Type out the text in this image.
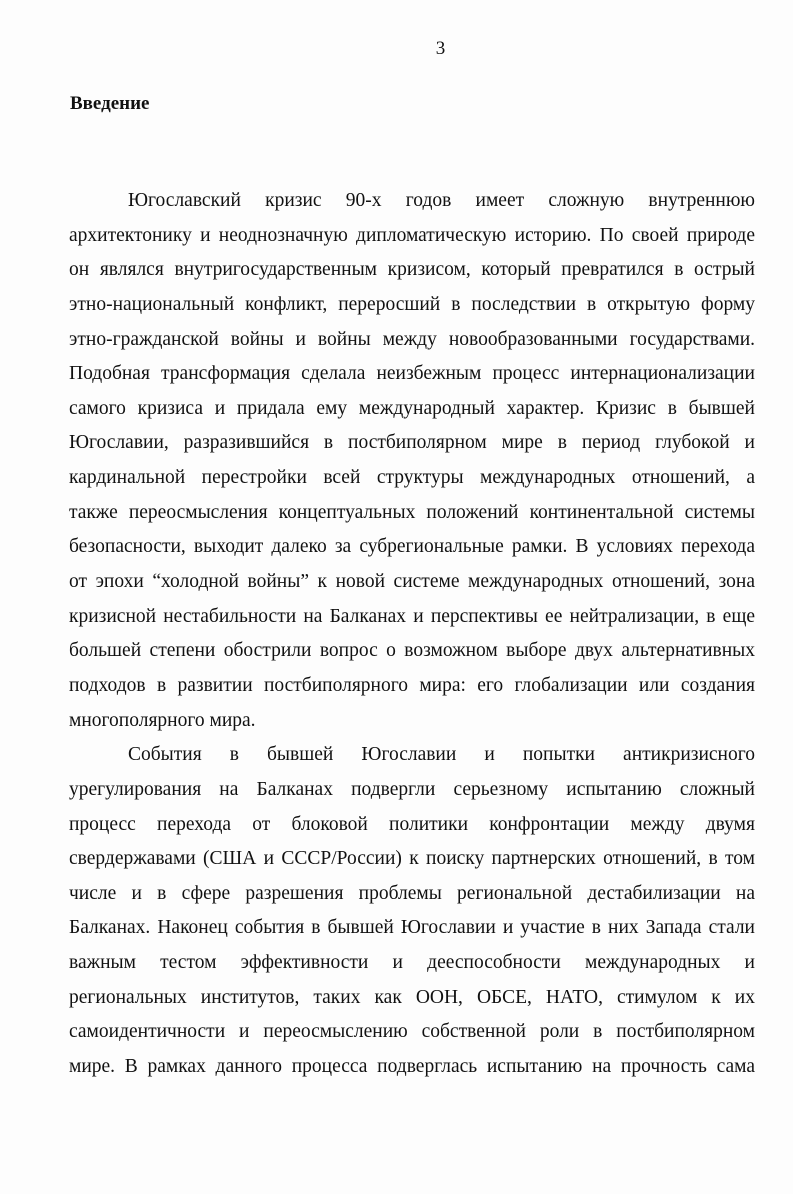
3
Введение
Югославский кризис 90-х годов имеет сложную внутреннюю
архитектонику и неоднозначную дипломатическую историю. По своей природе
он являлся внутригосударственным кризисом, который превратился в острый
этно-национальный конфликт, переросший в последствии в открытую форму
этно-гражданской войны и войны между новообразованными государствами.
Подобная трансформация сделала неизбежным процесс интернационализации
самого кризиса и придала ему международный характер. Кризис в бывшей
Югославии, разразившийся в постбиполярном мире в период глубокой и
кардинальной перестройки всей структуры международных отношений, а
также переосмысления концептуальных положений континентальной системы
безопасности, выходит далеко за субрегиональные рамки. В условиях перехода
от эпохи “холодной войны” к новой системе международных отношений, зона
кризисной нестабильности на Балканах и перспективы ее нейтрализации, в еще
большей степени обострили вопрос о возможном выборе двух альтернативных
подходов в развитии постбиполярного мира: его глобализации или создания
многополярного мира.
События в бывшей Югославии и попытки антикризисного
урегулирования на Балканах подвергли серьезному испытанию сложный
процесс перехода от блоковой политики конфронтации между двумя
свердержавами (США и СССР/России) к поиску партнерских отношений, в том
числе и в сфере разрешения проблемы региональной дестабилизации на
Балканах. Наконец события в бывшей Югославии и участие в них Запада стали
важным тестом эффективности и дееспособности международных и
региональных институтов, таких как ООН, ОБСЕ, НАТО, стимулом к их
самоидентичности и переосмыслению собственной роли в постбиполярном
мире. В рамках данного процесса подверглась испытанию на прочность сама
